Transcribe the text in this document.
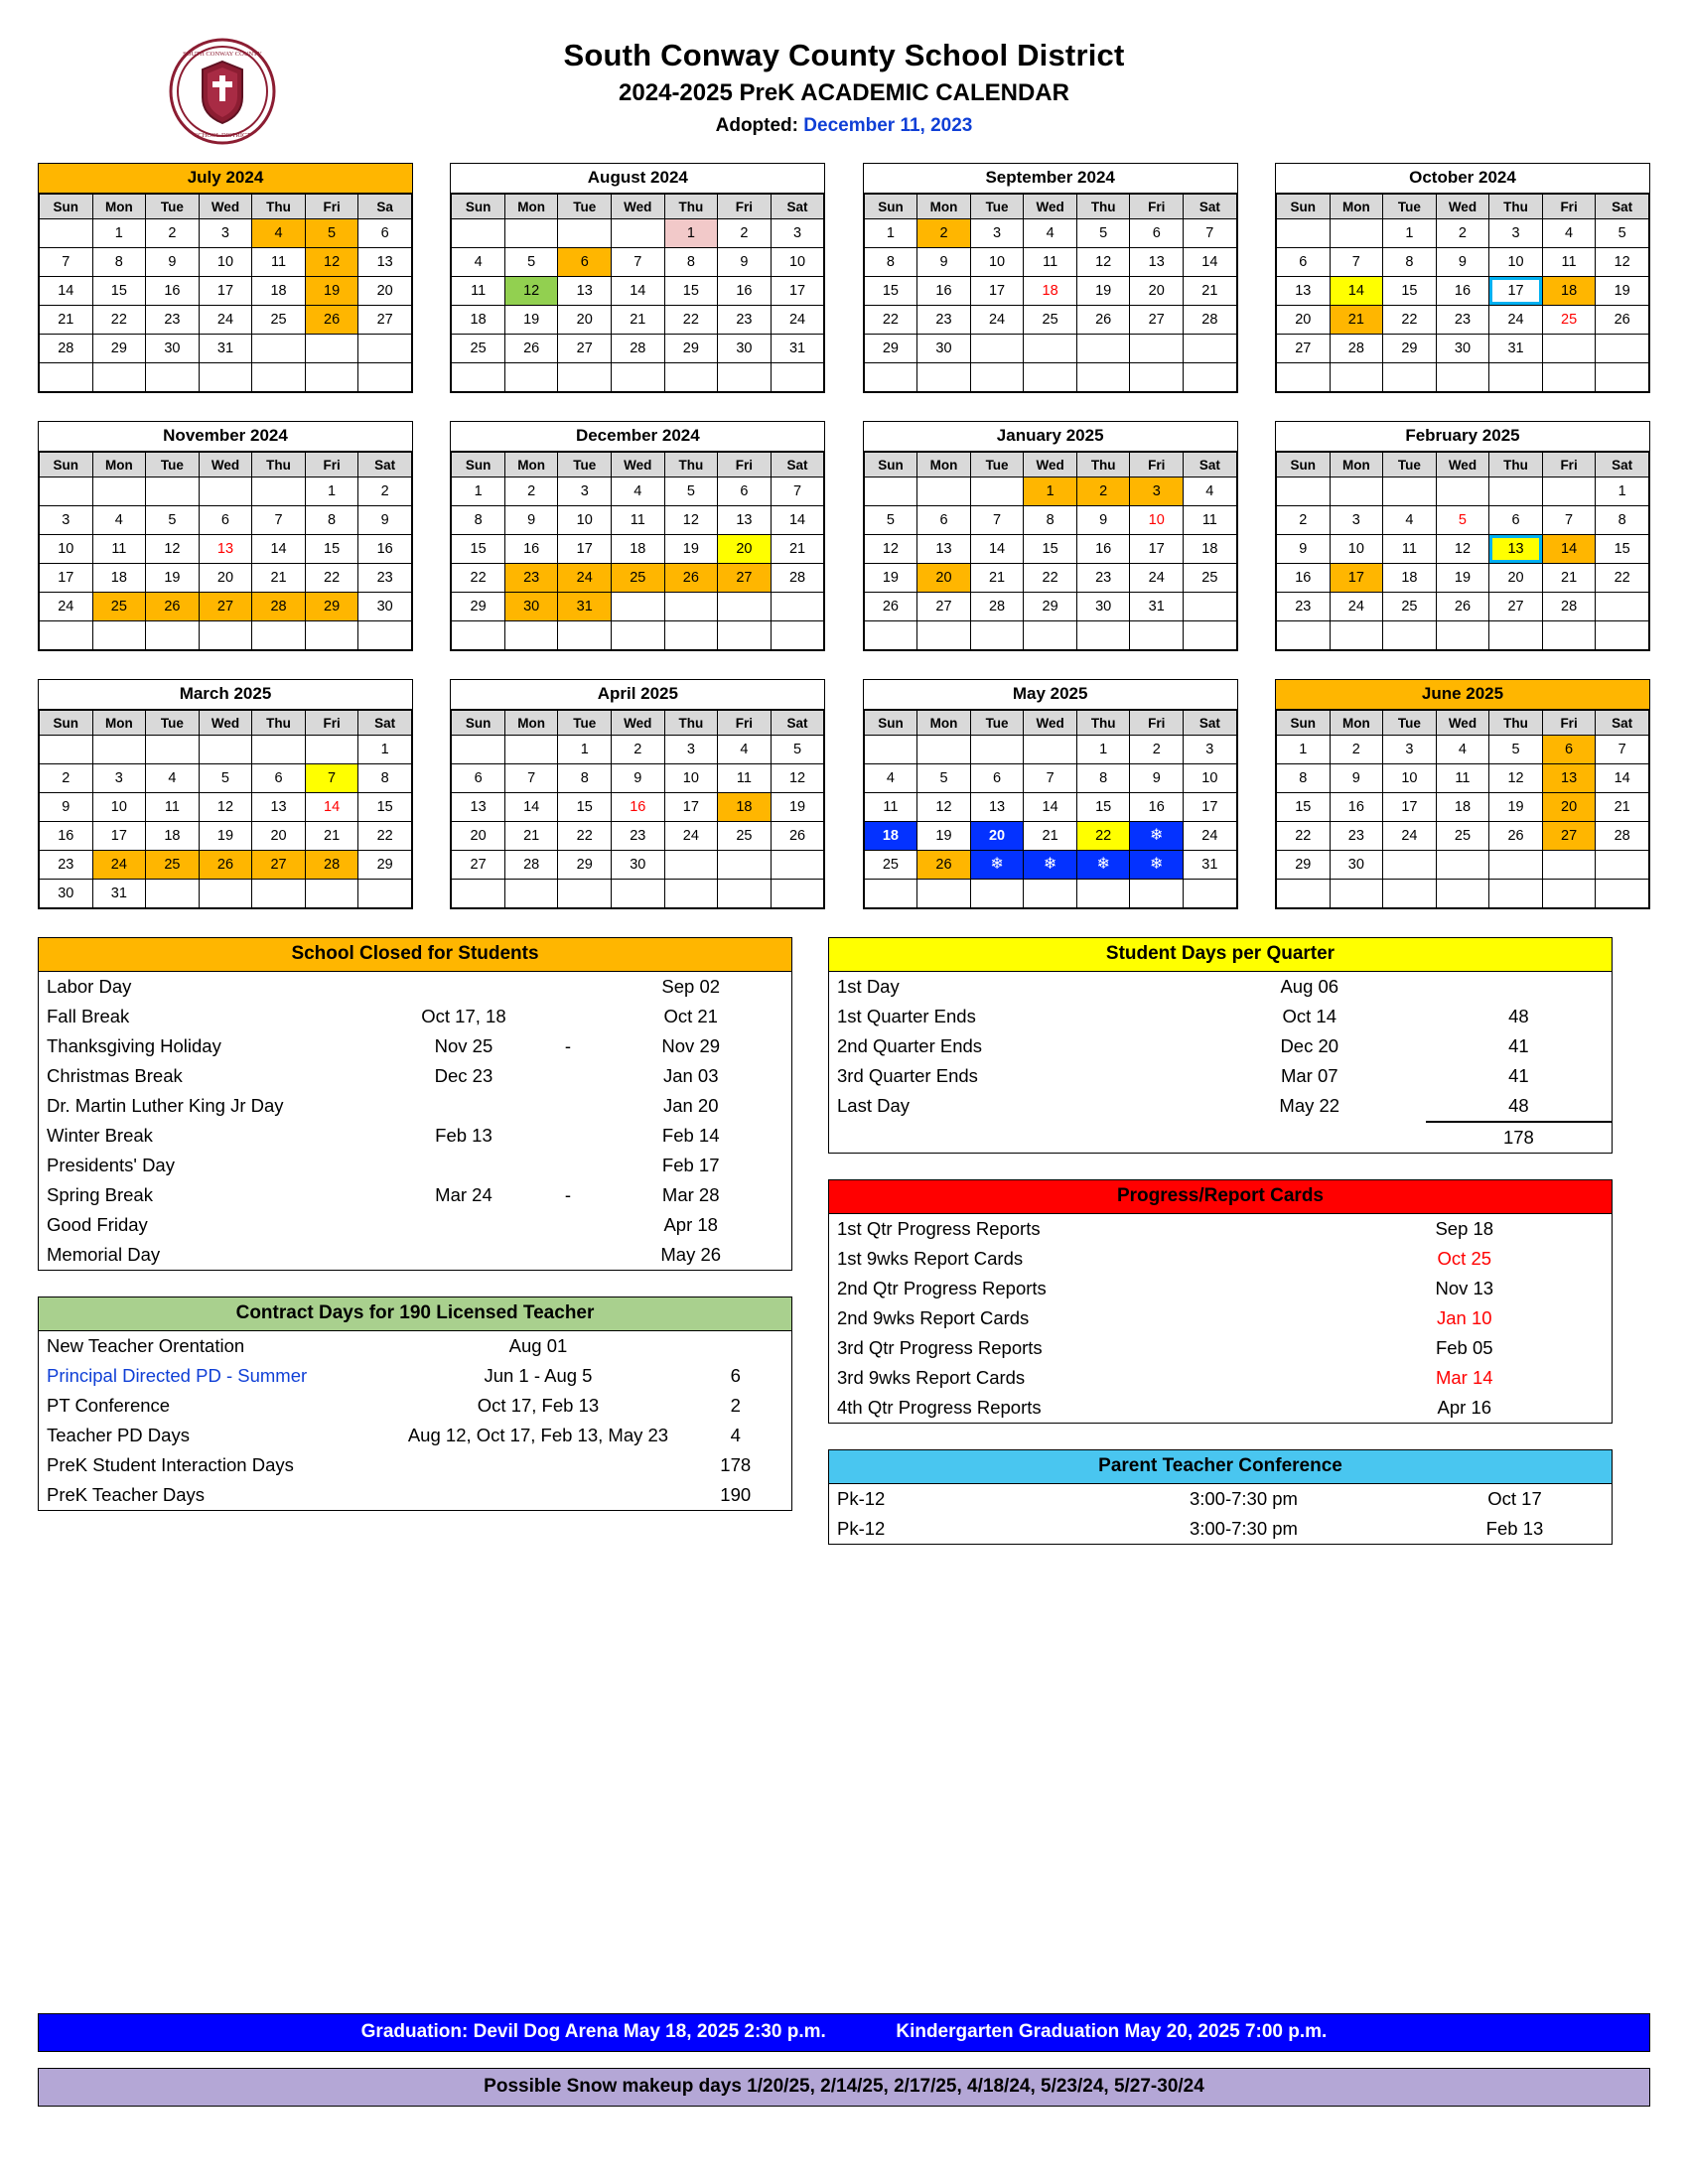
SOUTH CONWAY COUNTY
SCHOOL DISTRICT
South Conway County School District
2024-2025 PreK ACADEMIC CALENDAR
Adopted: December 11, 2023
July 2024
Sun	Mon	Tue	Wed	Thu	Fri	Sa
	1	2	3	4	5	6
7	8	9	10	11	12	13
14	15	16	17	18	19	20
21	22	23	24	25	26	27
28	29	30	31			

August 2024
Sun	Mon	Tue	Wed	Thu	Fri	Sat
				1	2	3
4	5	6	7	8	9	10
11	12	13	14	15	16	17
18	19	20	21	22	23	24
25	26	27	28	29	30	31

September 2024
Sun	Mon	Tue	Wed	Thu	Fri	Sat
1	2	3	4	5	6	7
8	9	10	11	12	13	14
15	16	17	18	19	20	21
22	23	24	25	26	27	28
29	30					

October 2024
Sun	Mon	Tue	Wed	Thu	Fri	Sat
		1	2	3	4	5
6	7	8	9	10	11	12
13	14	15	16	17	18	19
20	21	22	23	24	25	26
27	28	29	30	31		

November 2024
Sun	Mon	Tue	Wed	Thu	Fri	Sat
					1	2
3	4	5	6	7	8	9
10	11	12	13	14	15	16
17	18	19	20	21	22	23
24	25	26	27	28	29	30

December 2024
Sun	Mon	Tue	Wed	Thu	Fri	Sat
1	2	3	4	5	6	7
8	9	10	11	12	13	14
15	16	17	18	19	20	21
22	23	24	25	26	27	28
29	30	31				

January 2025
Sun	Mon	Tue	Wed	Thu	Fri	Sat
			1	2	3	4
5	6	7	8	9	10	11
12	13	14	15	16	17	18
19	20	21	22	23	24	25
26	27	28	29	30	31	

February 2025
Sun	Mon	Tue	Wed	Thu	Fri	Sat
						1
2	3	4	5	6	7	8
9	10	11	12	13	14	15
16	17	18	19	20	21	22
23	24	25	26	27	28	

March 2025
Sun	Mon	Tue	Wed	Thu	Fri	Sat
						1
2	3	4	5	6	7	8
9	10	11	12	13	14	15
16	17	18	19	20	21	22
23	24	25	26	27	28	29
30	31					
April 2025
Sun	Mon	Tue	Wed	Thu	Fri	Sat
		1	2	3	4	5
6	7	8	9	10	11	12
13	14	15	16	17	18	19
20	21	22	23	24	25	26
27	28	29	30			

May 2025
Sun	Mon	Tue	Wed	Thu	Fri	Sat
				1	2	3
4	5	6	7	8	9	10
11	12	13	14	15	16	17
18	19	20	21	22	❄	24
25	26	❄	❄	❄	❄	31

June 2025
Sun	Mon	Tue	Wed	Thu	Fri	Sat
1	2	3	4	5	6	7
8	9	10	11	12	13	14
15	16	17	18	19	20	21
22	23	24	25	26	27	28
29	30					

School Closed for Students
Labor Day			Sep 02
Fall Break	Oct 17, 18		Oct 21
Thanksgiving Holiday	Nov 25	-	Nov 29
Christmas Break	Dec 23		Jan 03
Dr. Martin Luther King Jr Day			Jan 20
Winter Break	Feb 13		Feb 14
Presidents' Day			Feb 17
Spring Break	Mar 24	-	Mar 28
Good Friday			Apr 18
Memorial Day			May 26
Contract Days for 190 Licensed Teacher
New Teacher Orentation	Aug 01	
Principal Directed PD - Summer	Jun 1 - Aug 5	6
PT Conference	Oct 17, Feb 13	2
Teacher PD Days	Aug 12, Oct 17, Feb 13, May 23	4
PreK Student Interaction Days		178
PreK Teacher Days		190
Student Days per Quarter
1st Day	Aug 06	
1st Quarter Ends	Oct 14	48
2nd Quarter Ends	Dec 20	41
3rd Quarter Ends	Mar 07	41
Last Day	May 22	48
		178
Progress/Report Cards
1st Qtr Progress Reports	Sep 18
1st 9wks Report Cards	Oct 25
2nd Qtr Progress Reports	Nov 13
2nd 9wks Report Cards	Jan 10
3rd Qtr Progress Reports	Feb 05
3rd 9wks Report Cards	Mar 14
4th Qtr Progress Reports	Apr 16
Parent Teacher Conference
Pk-12	3:00-7:30 pm	Oct 17
Pk-12	3:00-7:30 pm	Feb 13
Graduation: Devil Dog Arena May 18, 2025 2:30 p.m.	Kindergarten Graduation May 20, 2025 7:00 p.m.
Possible Snow makeup days 1/20/25, 2/14/25, 2/17/25, 4/18/24, 5/23/24, 5/27-30/24
